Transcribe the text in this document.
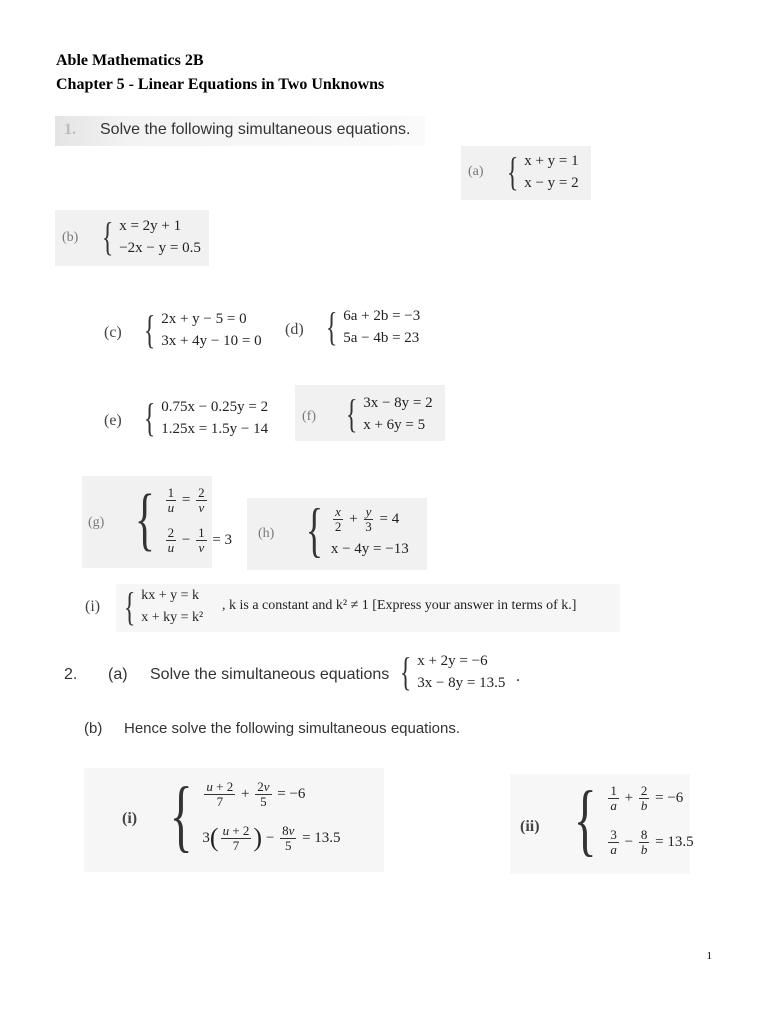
Able Mathematics 2B
Chapter 5 - Linear Equations in Two Unknowns
1. Solve the following simultaneous equations.
(a) { x + y = 1
x − y = 2
(b) { x = 2y + 1
−2x − y = 0.5
(c) { 2x + y − 5 = 0
3x + 4y − 10 = 0
(d) { 6a + 2b = −3
5a − 4b = 23
(e) { 0.75x − 0.25y = 2
1.25x = 1.5y − 14
(f) { 3x − 8y = 2
x + 6y = 5
(g) { $\frac{1}{u} = \frac{2}{v}$
$\frac{2}{u} - \frac{1}{v}$
= 3 (h) { $\frac{x}{2} + \frac{y}{3}$
= 4
x − 4y = −13
(i) { kx + y = k
x + ky = k²
, k is a constant and k² ≠ 1 [Express your answer in terms of k.]
2. (a) Solve the simultaneous equations { x + 2y = −6
3x − 8y = 13.5 .
(b) Hence solve the following simultaneous equations.
(i) { $\frac{u + 2}{7} + \frac{2v}{5}$
= −6
3 ( $\frac{u + 2}{7}$ ) − $\frac{8v}{5}$
= 13.5
(ii) { $\frac{1}{a} + \frac{2}{b}$
= −6
$\frac{3}{a} - \frac{8}{b}$
= 13.5
1
